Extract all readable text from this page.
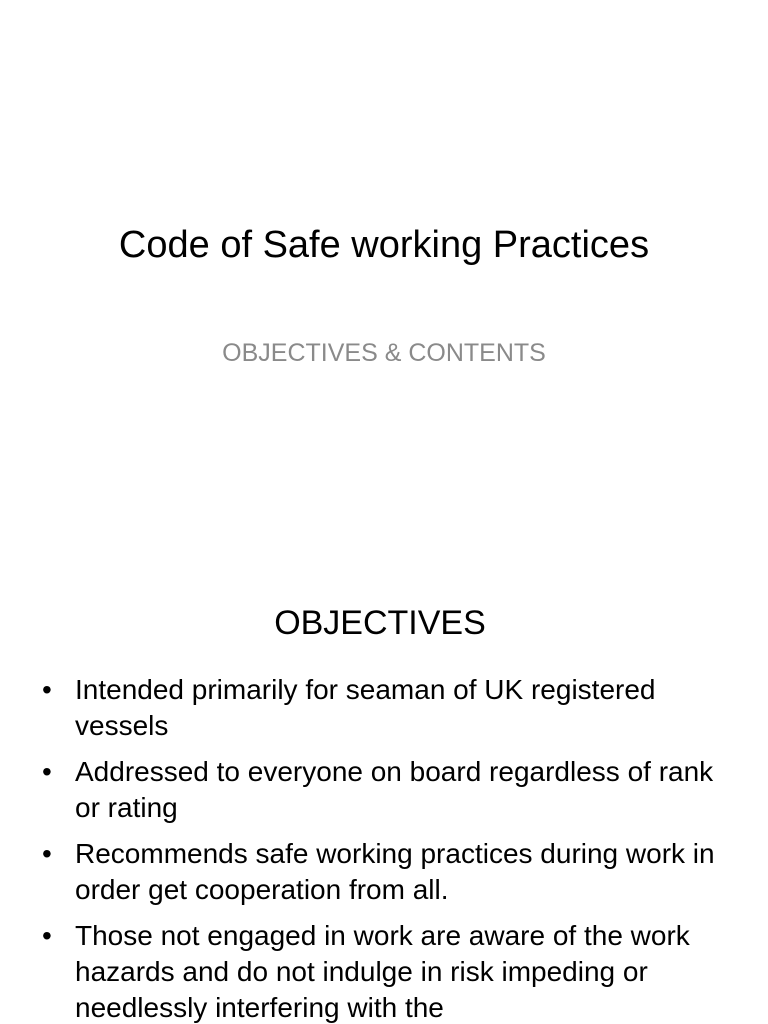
Code of Safe working Practices
OBJECTIVES & CONTENTS
OBJECTIVES
• Intended primarily for seaman of UK registered vessels
• Addressed to everyone on board regardless of rank or rating
• Recommends safe working practices during work in order get cooperation from all.
• Those not engaged in work are aware of the work hazards and do not indulge in risk impeding or needlessly interfering with the
